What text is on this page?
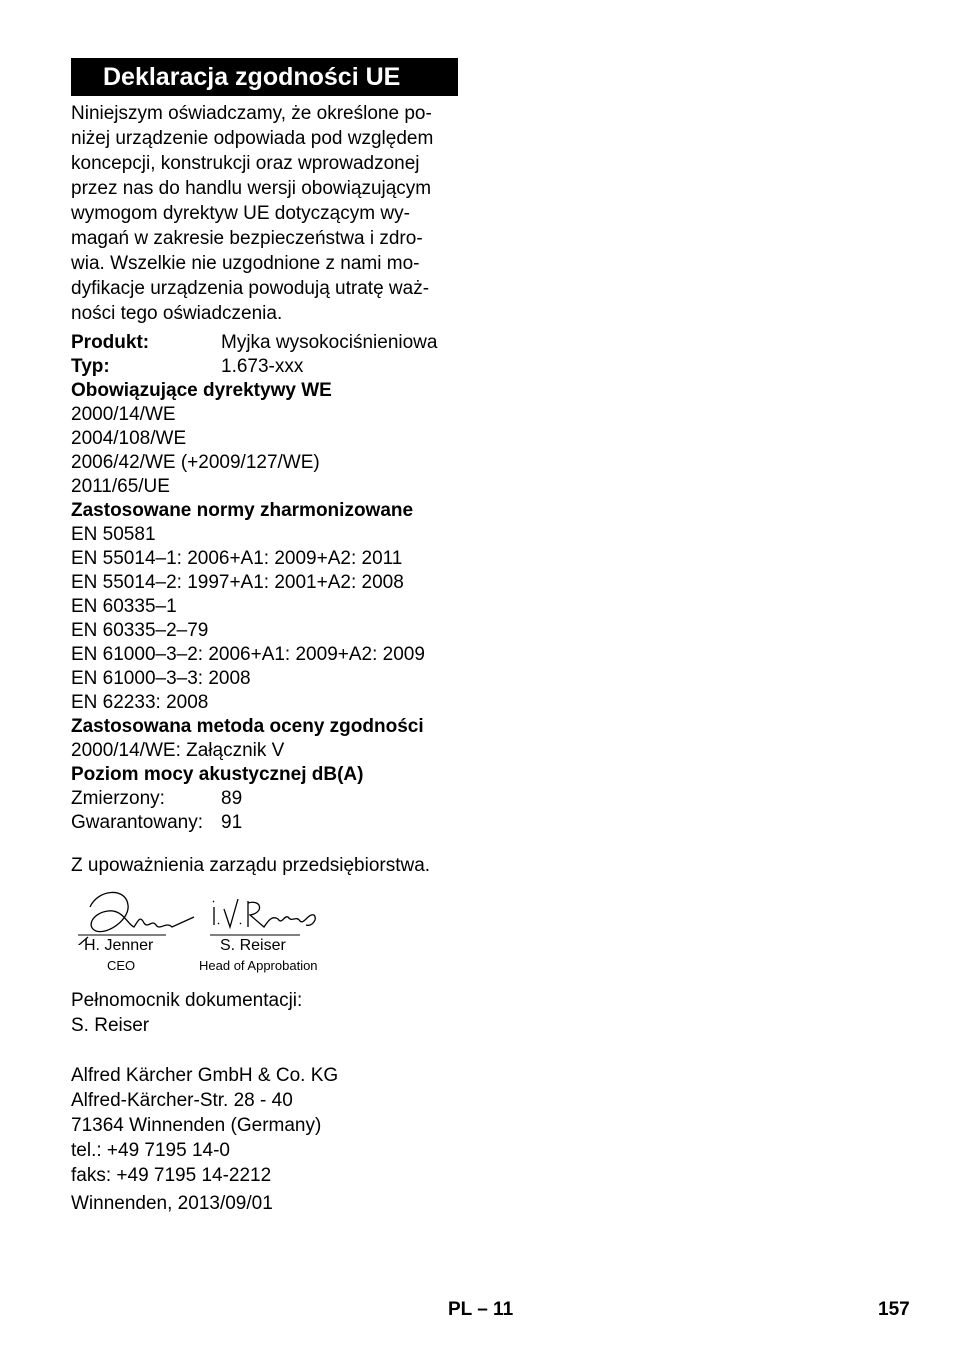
Deklaracja zgodności UE
Niniejszym oświadczamy, że określone po-
niżej urządzenie odpowiada pod względem
koncepcji, konstrukcji oraz wprowadzonej
przez nas do handlu wersji obowiązującym
wymogom dyrektyw UE dotyczącym wy-
magań w zakresie bezpieczeństwa i zdro-
wia. Wszelkie nie uzgodnione z nami mo-
dyfikacje urządzenia powodują utratę waż-
ności tego oświadczenia.
Produkt:	Myjka wysokociśnieniowa
Typ:	1.673-xxx
Obowiązujące dyrektywy WE
2000/14/WE
2004/108/WE
2006/42/WE (+2009/127/WE)
2011/65/UE
Zastosowane normy zharmonizowane
EN 50581
EN 55014–1: 2006+A1: 2009+A2: 2011
EN 55014–2: 1997+A1: 2001+A2: 2008
EN 60335–1
EN 60335–2–79
EN 61000–3–2: 2006+A1: 2009+A2: 2009
EN 61000–3–3: 2008
EN 62233: 2008
Zastosowana metoda oceny zgodności
2000/14/WE: Załącznik V
Poziom mocy akustycznej dB(A)
Zmierzony:	89
Gwarantowany: 91
Z upoważnienia zarządu przedsiębiorstwa.
H. Jenner
CEO
S. Reiser
Head of Approbation
Pełnomocnik dokumentacji:
S. Reiser
Alfred Kärcher GmbH & Co. KG
Alfred-Kärcher-Str. 28 - 40
71364 Winnenden (Germany)
tel.: +49 7195 14-0
faks: +49 7195 14-2212
Winnenden, 2013/09/01
PL – 11	157
